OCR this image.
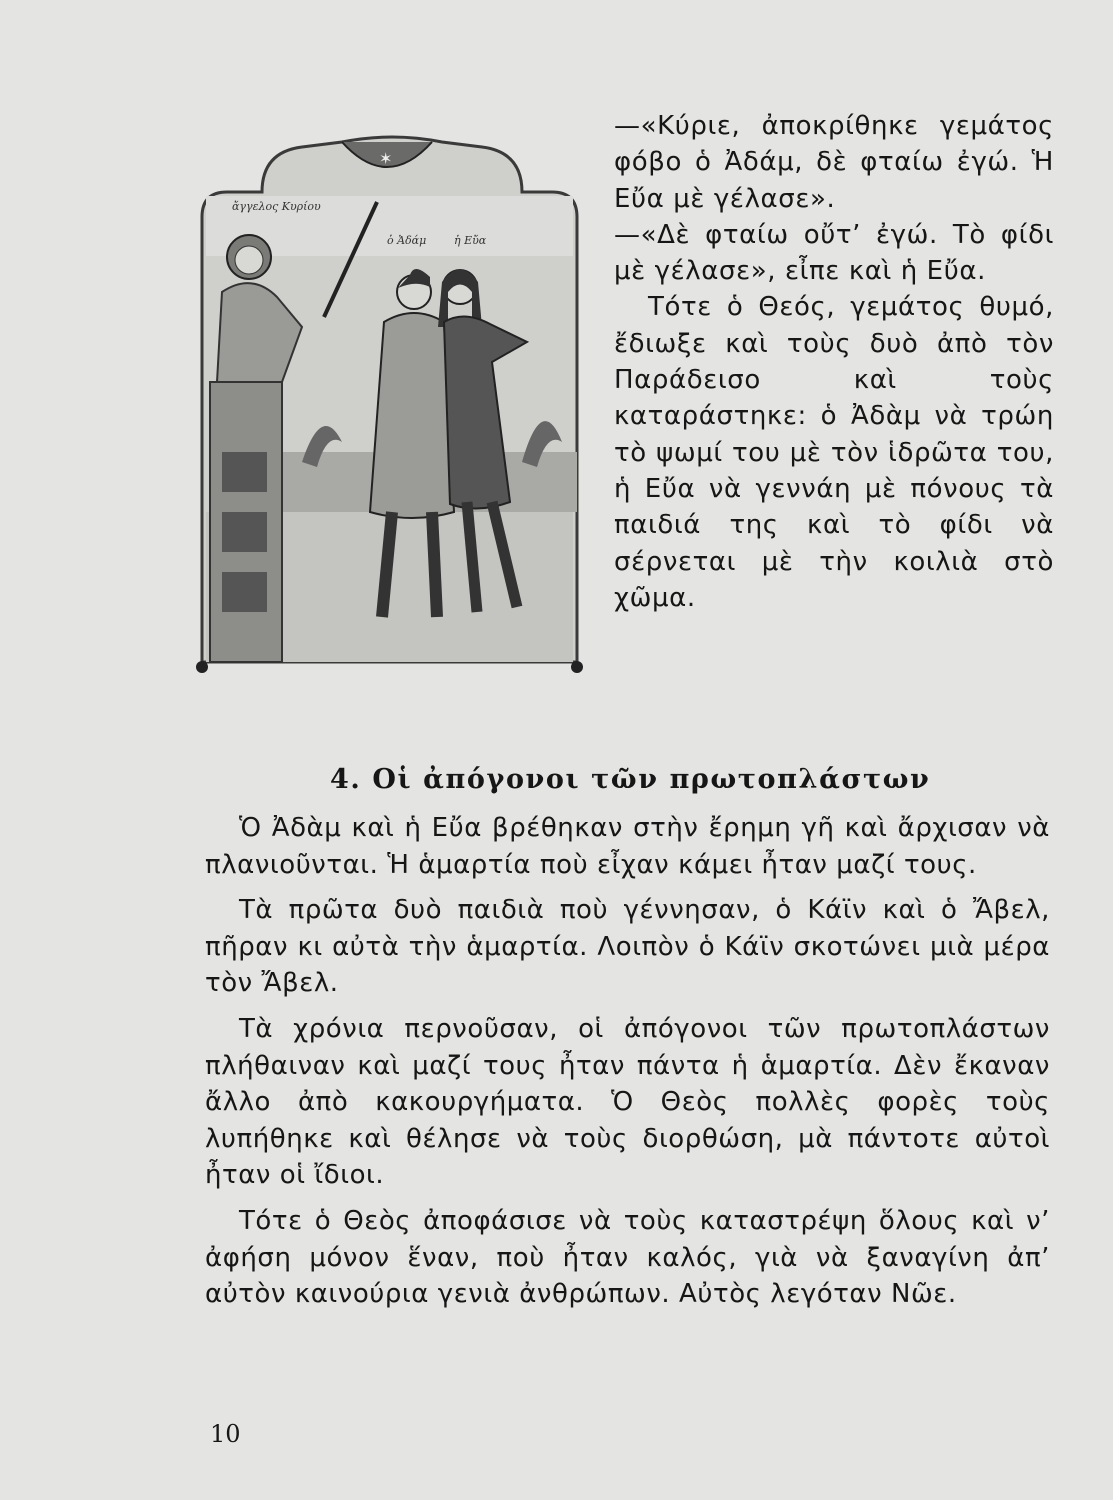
✶
ἄγγελος Κυρίου
ὁ Ἀδάμ	ἡ Εὔα

—«Κύριε, ἀποκρίθηκε γεμάτος φόβο ὁ Ἀδάμ, δὲ φταίω ἐγώ. Ἡ Εὔα μὲ γέλασε».

—«Δὲ φταίω οὔτ’ ἐγώ. Τὸ φίδι μὲ γέλασε», εἶπε καὶ ἡ Εὔα.

Τότε ὁ Θεός, γεμάτος θυμό, ἔδιωξε καὶ τοὺς δυὸ ἀπὸ τὸν Παράδεισο καὶ τοὺς καταράστηκε: ὁ Ἀδὰμ νὰ τρώη τὸ ψωμί του μὲ τὸν ἱδρῶτα του, ἡ Εὔα νὰ γεννάη μὲ πόνους τὰ παιδιά της καὶ τὸ φίδι νὰ σέρνεται μὲ τὴν κοιλιὰ στὸ χῶμα.

4. Οἱ ἀπόγονοι τῶν πρωτοπλάστων

Ὁ Ἀδὰμ καὶ ἡ Εὔα βρέθηκαν στὴν ἔρημη γῆ καὶ ἄρχισαν νὰ πλανιοῦνται. Ἡ ἁμαρτία ποὺ εἶχαν κάμει ἦταν μαζί τους.

Τὰ πρῶτα δυὸ παιδιὰ ποὺ γέννησαν, ὁ Κάϊν καὶ ὁ Ἄβελ, πῆραν κι αὐτὰ τὴν ἁμαρτία. Λοιπὸν ὁ Κάϊν σκοτώνει μιὰ μέρα τὸν Ἄβελ.

Τὰ χρόνια περνοῦσαν, οἱ ἀπόγονοι τῶν πρωτοπλάστων πλήθαιναν καὶ μαζί τους ἦταν πάντα ἡ ἁμαρτία. Δὲν ἔκαναν ἄλλο ἀπὸ κακουργήματα. Ὁ Θεὸς πολλὲς φορὲς τοὺς λυπήθηκε καὶ θέλησε νὰ τοὺς διορθώση, μὰ πάντοτε αὐτοὶ ἦταν οἱ ἴδιοι.

Τότε ὁ Θεὸς ἀποφάσισε νὰ τοὺς καταστρέψη ὅλους καὶ ν’ ἀφήση μόνον ἕναν, ποὺ ἦταν καλός, γιὰ νὰ ξαναγίνη ἀπ’ αὐτὸν καινούρια γενιὰ ἀνθρώπων. Αὐτὸς λεγόταν Νῶε.

10
